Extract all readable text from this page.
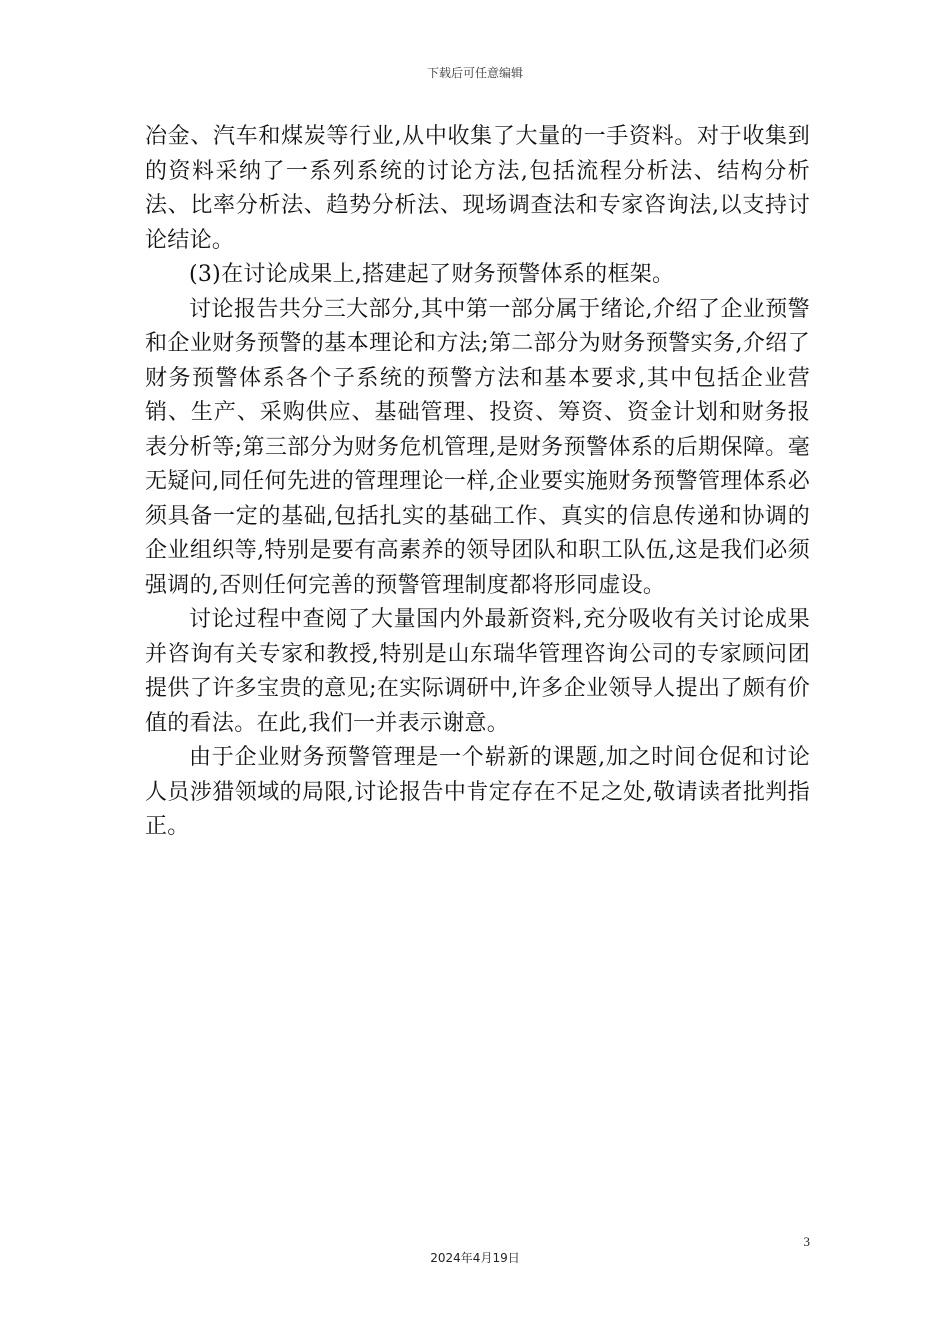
下载后可任意编辑

冶金、汽车和煤炭等行业,从中收集了大量的一手资料。对于收集到的资料采纳了一系列系统的讨论方法,包括流程分析法、结构分析法、比率分析法、趋势分析法、现场调查法和专家咨询法,以支持讨论结论。

(3)在讨论成果上,搭建起了财务预警体系的框架。

讨论报告共分三大部分,其中第一部分属于绪论,介绍了企业预警和企业财务预警的基本理论和方法;第二部分为财务预警实务,介绍了财务预警体系各个子系统的预警方法和基本要求,其中包括企业营销、生产、采购供应、基础管理、投资、筹资、资金计划和财务报表分析等;第三部分为财务危机管理,是财务预警体系的后期保障。毫无疑问,同任何先进的管理理论一样,企业要实施财务预警管理体系必须具备一定的基础,包括扎实的基础工作、真实的信息传递和协调的企业组织等,特别是要有高素养的领导团队和职工队伍,这是我们必须强调的,否则任何完善的预警管理制度都将形同虚设。

讨论过程中查阅了大量国内外最新资料,充分吸收有关讨论成果并咨询有关专家和教授,特别是山东瑞华管理咨询公司的专家顾问团提供了许多宝贵的意见;在实际调研中,许多企业领导人提出了颇有价值的看法。在此,我们一并表示谢意。

由于企业财务预警管理是一个崭新的课题,加之时间仓促和讨论人员涉猎领域的局限,讨论报告中肯定存在不足之处,敬请读者批判指正。

3
2024年4月19日
